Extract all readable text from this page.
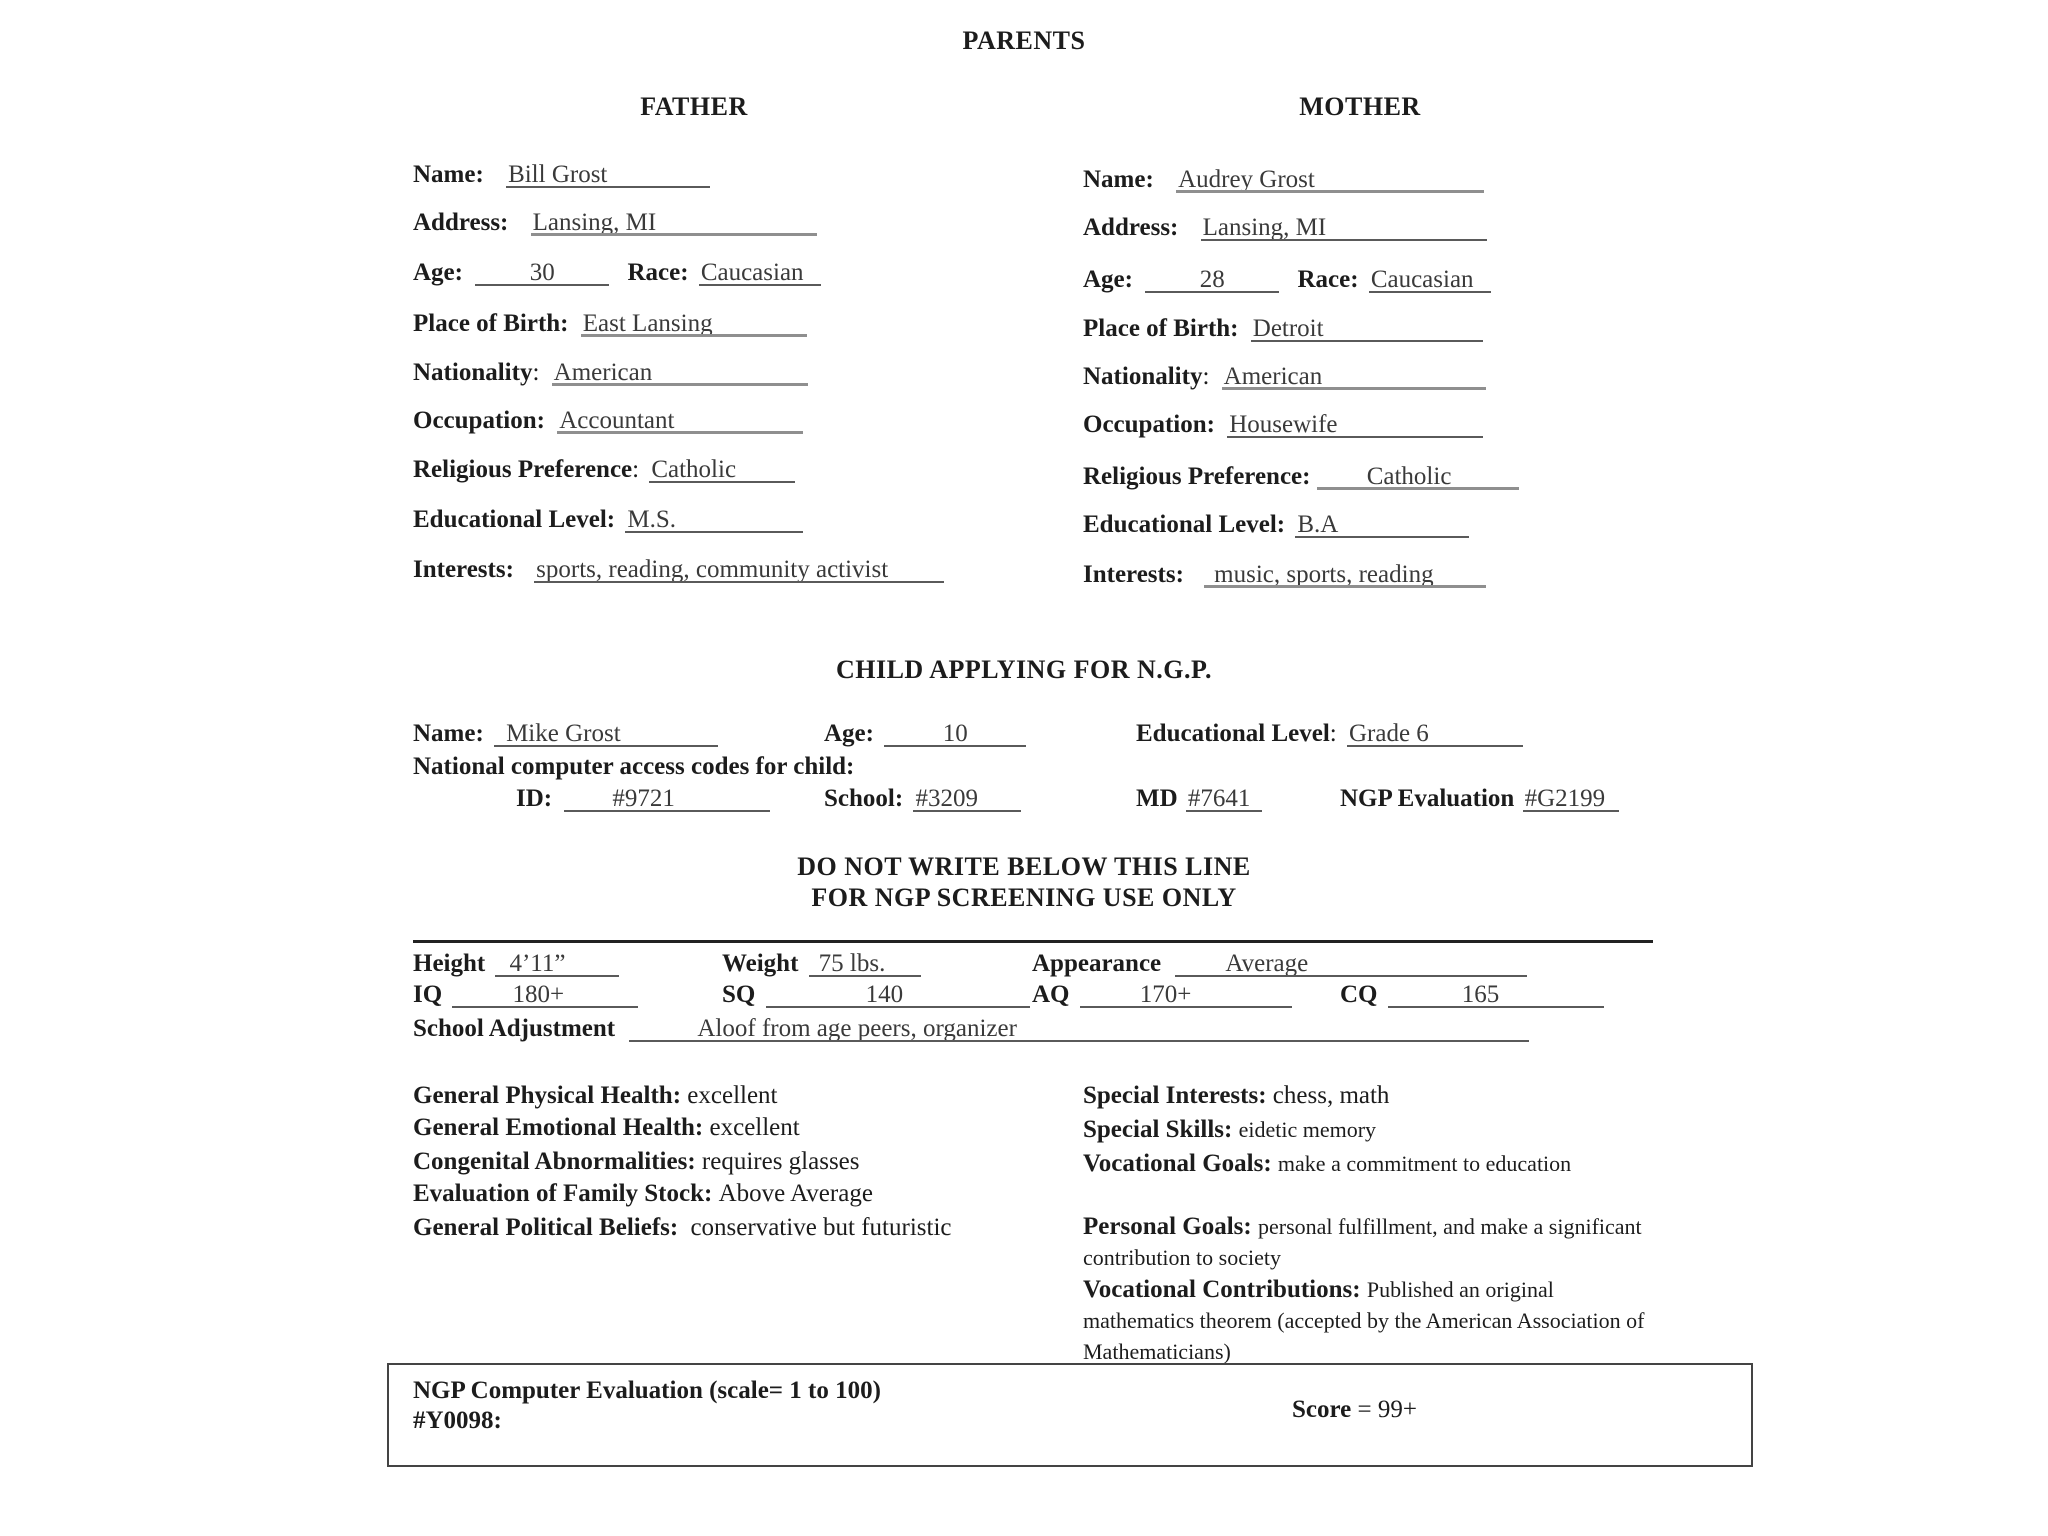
PARENTS
FATHER	MOTHER
Name: Bill Grost
Address: Lansing, MI
Age:	30	Race: Caucasian
Place of Birth: East Lansing
Nationality: American
Occupation: Accountant
Religious Preference: Catholic
Educational Level: M.S.
Interests: sports, reading, community activist
Name: Audrey Grost
Address: Lansing, MI
Age:	28	Race: Caucasian
Place of Birth: Detroit
Nationality: American
Occupation: Housewife
Religious Preference: Catholic
Educational Level: B.A
Interests: music, sports, reading
CHILD APPLYING FOR N.G.P.
Name: Mike Grost	Age:	10	Educational Level: Grade 6
National computer access codes for child:
ID: #9721	School: #3209	MD #7641	NGP Evaluation #G2199
DO NOT WRITE BELOW THIS LINE
FOR NGP SCREENING USE ONLY
Height 4’11”	Weight 75 lbs.	Appearance	Average
IQ	180+	SQ	140	AQ	170+	CQ	165
School Adjustment	Aloof from age peers, organizer
General Physical Health: excellent
General Emotional Health: excellent
Congenital Abnormalities: requires glasses
Evaluation of Family Stock: Above Average
General Political Beliefs: conservative but futuristic
Special Interests: chess, math
Special Skills: eidetic memory
Vocational Goals: make a commitment to education
Personal Goals: personal fulfillment, and make a significant contribution to society
Vocational Contributions: Published an original mathematics theorem (accepted by the American Association of Mathematicians)
NGP Computer Evaluation (scale= 1 to 100)
#Y0098:	Score = 99+
